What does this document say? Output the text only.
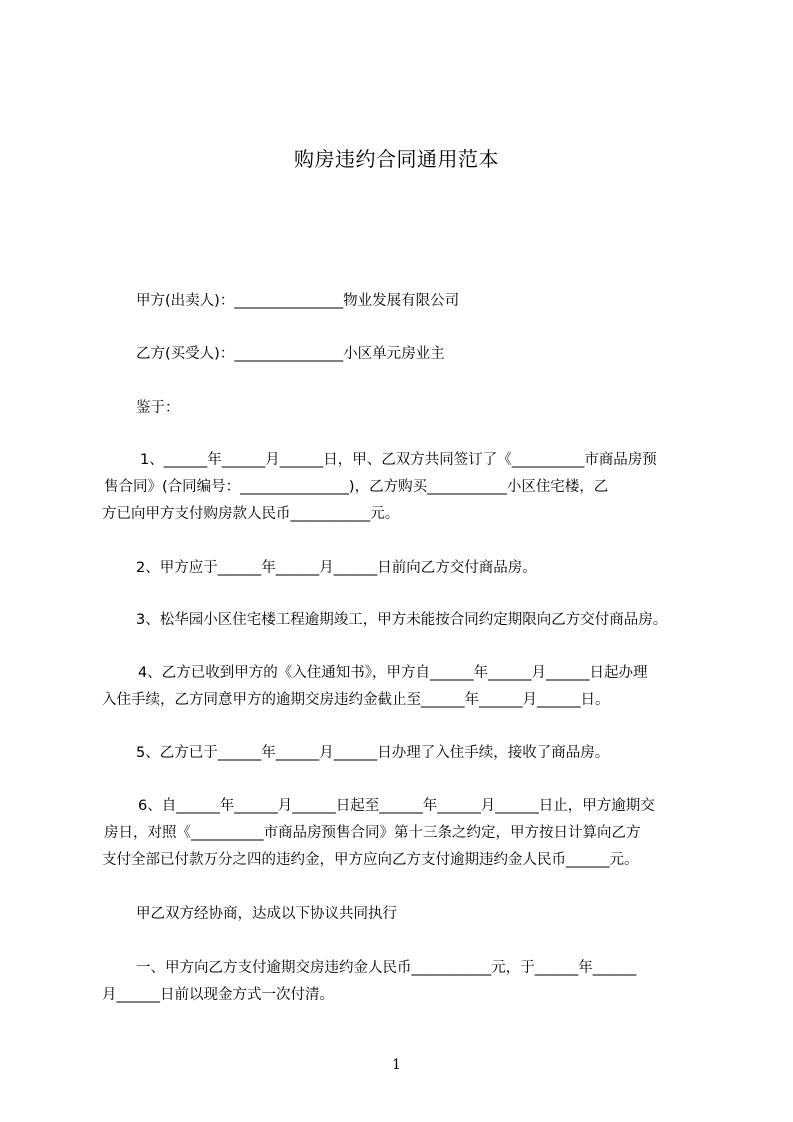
购房违约合同通用范本
甲方(出卖人)：_______________物业发展有限公司
乙方(买受人)：_______________小区单元房业主
鉴于：
1、______年______月______日，甲、乙双方共同签订了《__________市商品房预
售合同》(合同编号：_______________)，乙方购买___________小区住宅楼，乙
方已向甲方支付购房款人民币___________元。
2、甲方应于______年______月______日前向乙方交付商品房。
3、松华园小区住宅楼工程逾期竣工，甲方未能按合同约定期限向乙方交付商品房。
4、乙方已收到甲方的《入住通知书》，甲方自______年______月______日起办理
入住手续，乙方同意甲方的逾期交房违约金截止至______年______月______日。
5、乙方已于______年______月______日办理了入住手续，接收了商品房。
6、自______年______月______日起至______年______月______日止，甲方逾期交
房日，对照《__________市商品房预售合同》第十三条之约定，甲方按日计算向乙方
支付全部已付款万分之四的违约金，甲方应向乙方支付逾期违约金人民币______元。
甲乙双方经协商，达成以下协议共同执行
一、甲方向乙方支付逾期交房违约金人民币___________元，于______年______
月______日前以现金方式一次付清。
1
